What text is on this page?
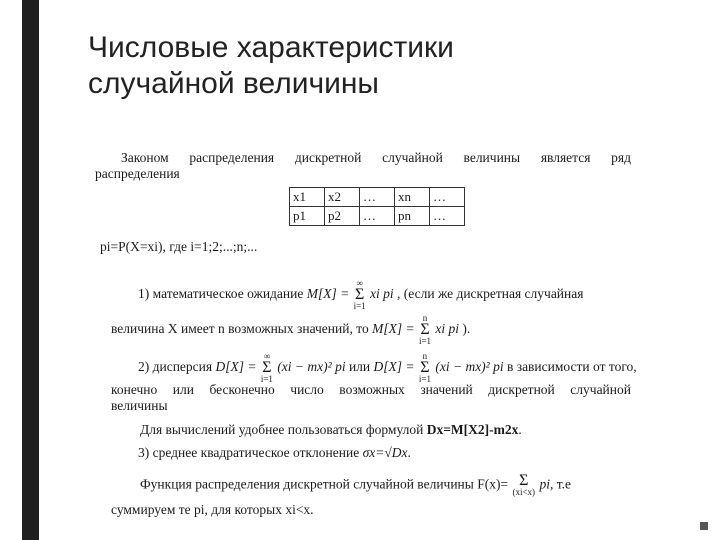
Числовые характеристики
случайной величины
Законом распределения дискретной случайной величины является ряд
распределения
x1	x2	…	xn	…
p1	p2	…	pn	…
pi=P(X=xi), где i=1;2;...;n;...
1) математическое ожидание M[X] =
∞
Σ
i=1
xi pi , (если же дискретная случайная
величина X имеет n возможных значений, то M[X] =
n
Σ
i=1
xi pi ).
2) дисперсия D[X] =
∞
Σ
i=1
(xi − mx)² pi или D[X] =
n
Σ
i=1
(xi − mx)² pi в зависимости от того,
конечно или бесконечно число возможных значений дискретной случайной
величины
Для вычислений удобнее пользоваться формулой Dx=M[X2]-m2x.
3) среднее квадратическое отклонение σx=√Dx.
Функция распределения дискретной случайной величины F(x)= Σ
(xi<x)
pi, т.е
суммируем те pi, для которых xi<x.
